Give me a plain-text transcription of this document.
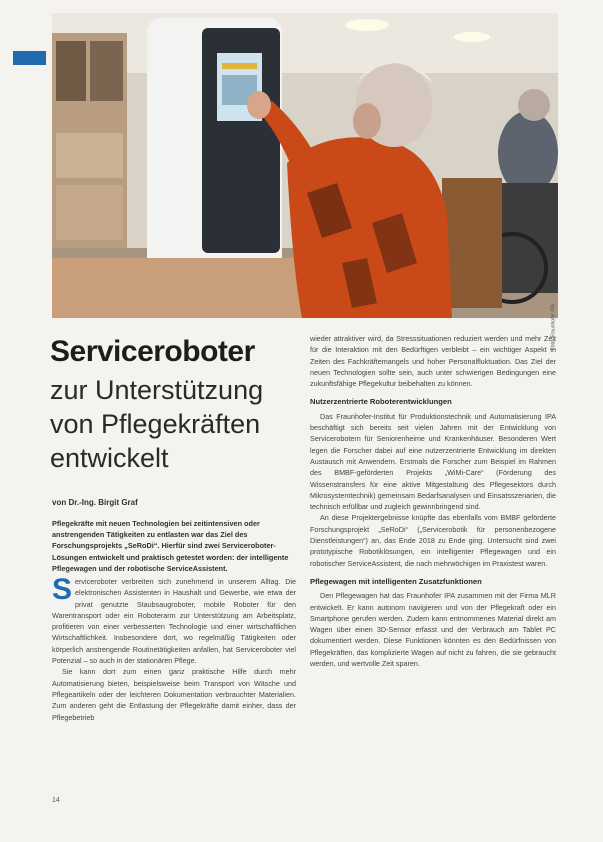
Foto: Fraunhofer IPA
Serviceroboter
zur Unterstützung von Pflegekräften entwickelt
von Dr.-Ing. Birgit Graf
Pflegekräfte mit neuen Technologien bei zeitintensiven oder anstrengenden Tätigkeiten zu entlasten war das Ziel des Forschungsprojekts „SeRoDi“. Hierfür sind zwei Serviceroboter-Lösungen entwickelt und praktisch getestet worden: der intelligente Pflegewagen und der robotische ServiceAssistent.

Serviceroboter verbreiten sich zunehmend in unserem Alltag. Die elektronischen Assistenten in Haushalt und Gewerbe, wie etwa der privat genutzte Staubsaugroboter, mobile Roboter für den Warentransport oder ein Roboterarm zur Unterstützung am Arbeitsplatz, profitieren von einer verbesserten Technologie und einer wirtschaftlichen Wirtschaftlichkeit. Insbesondere dort, wo regelmäßig Tätigkeiten oder körperlich anstrengende Routinetätigkeiten anfallen, hat Serviceroboter viel Potenzial – so auch in der stationären Pflege.

Sie kann dort zum einen ganz praktische Hilfe durch mehr Automatisierung bieten, beispielsweise beim Transport von Wäsche und Pflegeartikeln oder der leichteren Dokumentation verbrauchter Materialien. Zum anderen geht die Entlastung der Pflegekräfte damit einher, dass der Pflegebetrieb

wieder attraktiver wird, da Stresssituationen reduziert werden und mehr Zeit für die Interaktion mit den Bedürftigen verbleibt – ein wichtiger Aspekt in Zeiten des Fachkräftemangels und hoher Personalfluktuation. Das Ziel der neuen Technologien sollte sein, auch unter schwierigen Bedingungen eine zukunftsfähige Pflegekultur beibehalten zu können.

Nutzerzentrierte Roboterentwicklungen

Das Fraunhofer-Institut für Produktionstechnik und Automatisierung IPA beschäftigt sich bereits seit vielen Jahren mit der Entwicklung von Servicerobotern für Seniorenheime und Krankenhäuser. Besonderen Wert legen die Forscher dabei auf eine nutzerzentrierte Entwicklung im direkten Austausch mit Anwendern. Erstmals die Forscher zum Beispiel im Rahmen des BMBF-geförderten Projekts „WiMi-Care“ (Förderung des Wissenstransfers für eine aktive Mitgestaltung des Pflegesektors durch Mikrosystemtechnik) gemeinsam Bedarfsanalysen und Einsatsszenarien, die technisch erfüllbar und zugleich gewinnbringend sind.

An diese Projektergebnisse knüpfte das ebenfalls vom BMBF geförderte Forschungsprojekt „SeRoDi“ („Servicerobotik für personenbezogene Dienstleistungen“) an, das Ende 2018 zu Ende ging. Untersucht sind zwei prototypische Robotiklösungen, ein intelligenter Pflegewagen und ein robotischer ServiceAssistent, die nach mehrwöchigen im Praxistest waren.

Pflegewagen mit intelligenten Zusatzfunktionen

Den Pflegewagen hat das Fraunhofer IPA zusammen mit der Firma MLR entwickelt. Er kann autonom navigieren und von der Pflegekraft oder ein Smartphone gerufen werden. Zudem kann entnommenes Material direkt am Wagen über einen 3D-Sensor erfasst und der Verbrauch am Tablet PC dokumentiert werden. Diese Funktionen könnten es den Bedürfnissen von Pflegekräften, das komplizierte Wagen auf nicht zu fahren, die sie gebraucht werden, und wertvolle Zeit sparen.

14
